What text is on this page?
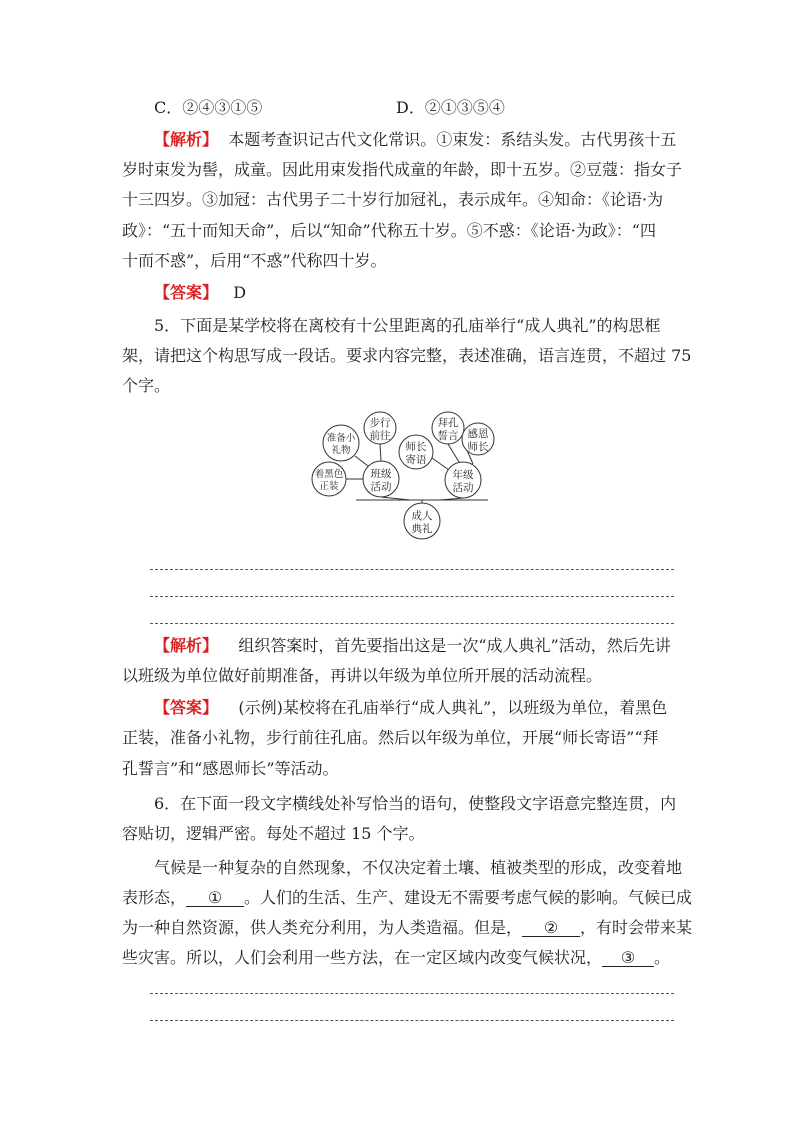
C．②④③①⑤	D．②①③⑤④
【解析】 本题考查识记古代文化常识。①束发：系结头发。古代男孩十五
岁时束发为髻，成童。因此用束发指代成童的年龄，即十五岁。②豆蔻：指女子
十三四岁。③加冠：古代男子二十岁行加冠礼，表示成年。④知命：《论语·为
政》：“五十而知天命”，后以“知命”代称五十岁。⑤不惑：《论语·为政》：“四
十而不惑”，后用“不惑”代称四十岁。
【答案】 D
5．下面是某学校将在离校有十公里距离的孔庙举行“成人典礼”的构思框
架，请把这个构思写成一段话。要求内容完整，表述准确，语言连贯，不超过 75
个字。
步行
前往
准备小
礼物
着黑色
正装
班级
活动
师长
寄语
拜孔
誓言 感恩
师长
年级
活动
成人
典礼
【解析】 组织答案时，首先要指出这是一次“成人典礼”活动，然后先讲
以班级为单位做好前期准备，再讲以年级为单位所开展的活动流程。
【答案】 (示例)某校将在孔庙举行“成人典礼”，以班级为单位，着黑色
正装，准备小礼物，步行前往孔庙。然后以年级为单位，开展“师长寄语”“拜
孔誓言”和“感恩师长”等活动。
6．在下面一段文字横线处补写恰当的语句，使整段文字语意完整连贯，内
容贴切，逻辑严密。每处不超过 15 个字。
气候是一种复杂的自然现象，不仅决定着土壤、植被类型的形成，改变着地
表形态， ① 。人们的生活、生产、建设无不需要考虑气候的影响。气候已成
为一种自然资源，供人类充分利用，为人类造福。但是， ② ，有时会带来某
些灾害。所以，人们会利用一些方法，在一定区域内改变气候状况， ③ 。
